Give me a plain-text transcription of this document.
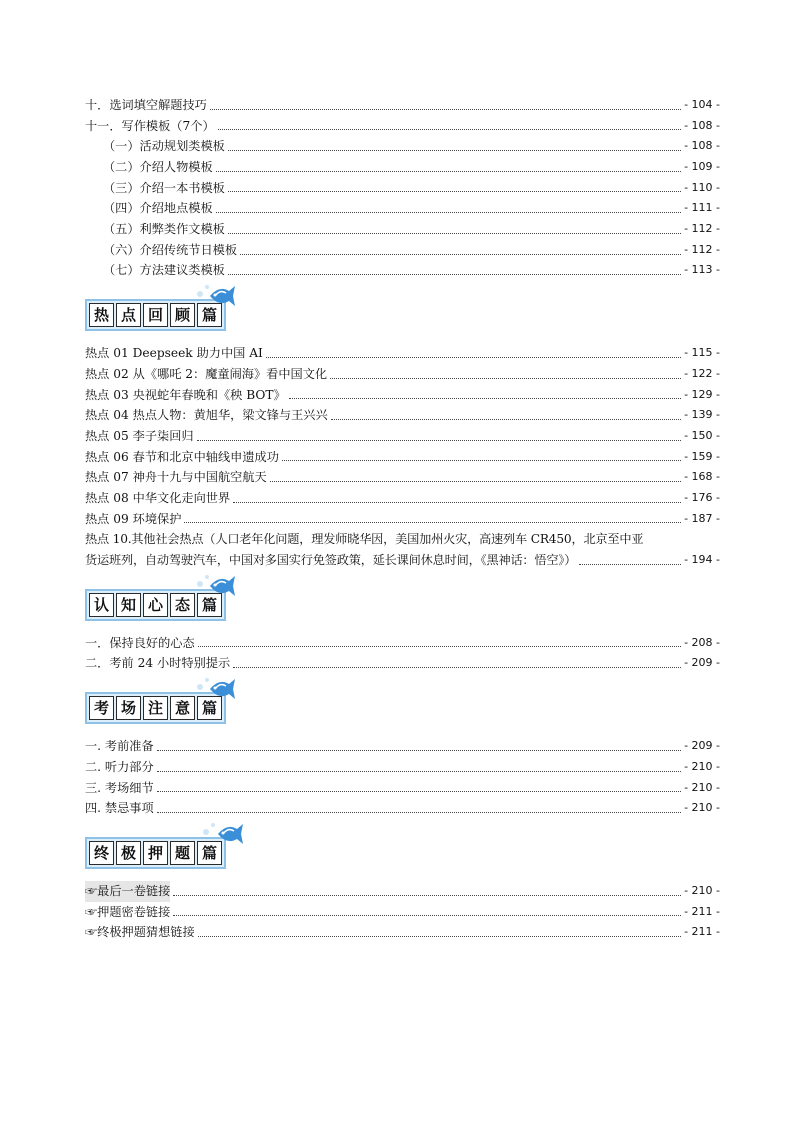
十．选词填空解题技巧	- 104 -
十一．写作模板（7个）	- 108 -
（一）活动规划类模板	- 108 -
（二）介绍人物模板	- 109 -
（三）介绍一本书模板	- 110 -
（四）介绍地点模板	- 111 -
（五）利弊类作文模板	- 112 -
（六）介绍传统节日模板	- 112 -
（七）方法建议类模板	- 113 -
热 点 回 顾 篇
热点 01 Deepseek 助力中国 AI	- 115 -
热点 02 从《哪吒 2：魔童闹海》看中国文化	- 122 -
热点 03 央视蛇年春晚和《秧 BOT》	- 129 -
热点 04 热点人物：黄旭华，梁文锋与王兴兴	- 139 -
热点 05 李子柒回归	- 150 -
热点 06 春节和北京中轴线申遗成功	- 159 -
热点 07 神舟十九与中国航空航天	- 168 -
热点 08 中华文化走向世界	- 176 -
热点 09 环境保护	- 187 -
热点 10.其他社会热点（人口老年化问题，理发师晓华因，美国加州火灾，高速列车 CR450，北京至中亚
货运班列，自动驾驶汽车，中国对多国实行免签政策，延长课间休息时间，《黑神话：悟空》）	- 194 -
认 知 心 态 篇
一．保持良好的心态	- 208 -
二．考前 24 小时特别提示	- 209 -
考 场 注 意 篇
一. 考前准备	- 209 -
二. 听力部分	- 210 -
三. 考场细节	- 210 -
四. 禁忌事项	- 210 -
终 极 押 题 篇
☞最后一卷链接	- 210 -
☞押题密卷链接	- 211 -
☞终极押题猜想链接	- 211 -
